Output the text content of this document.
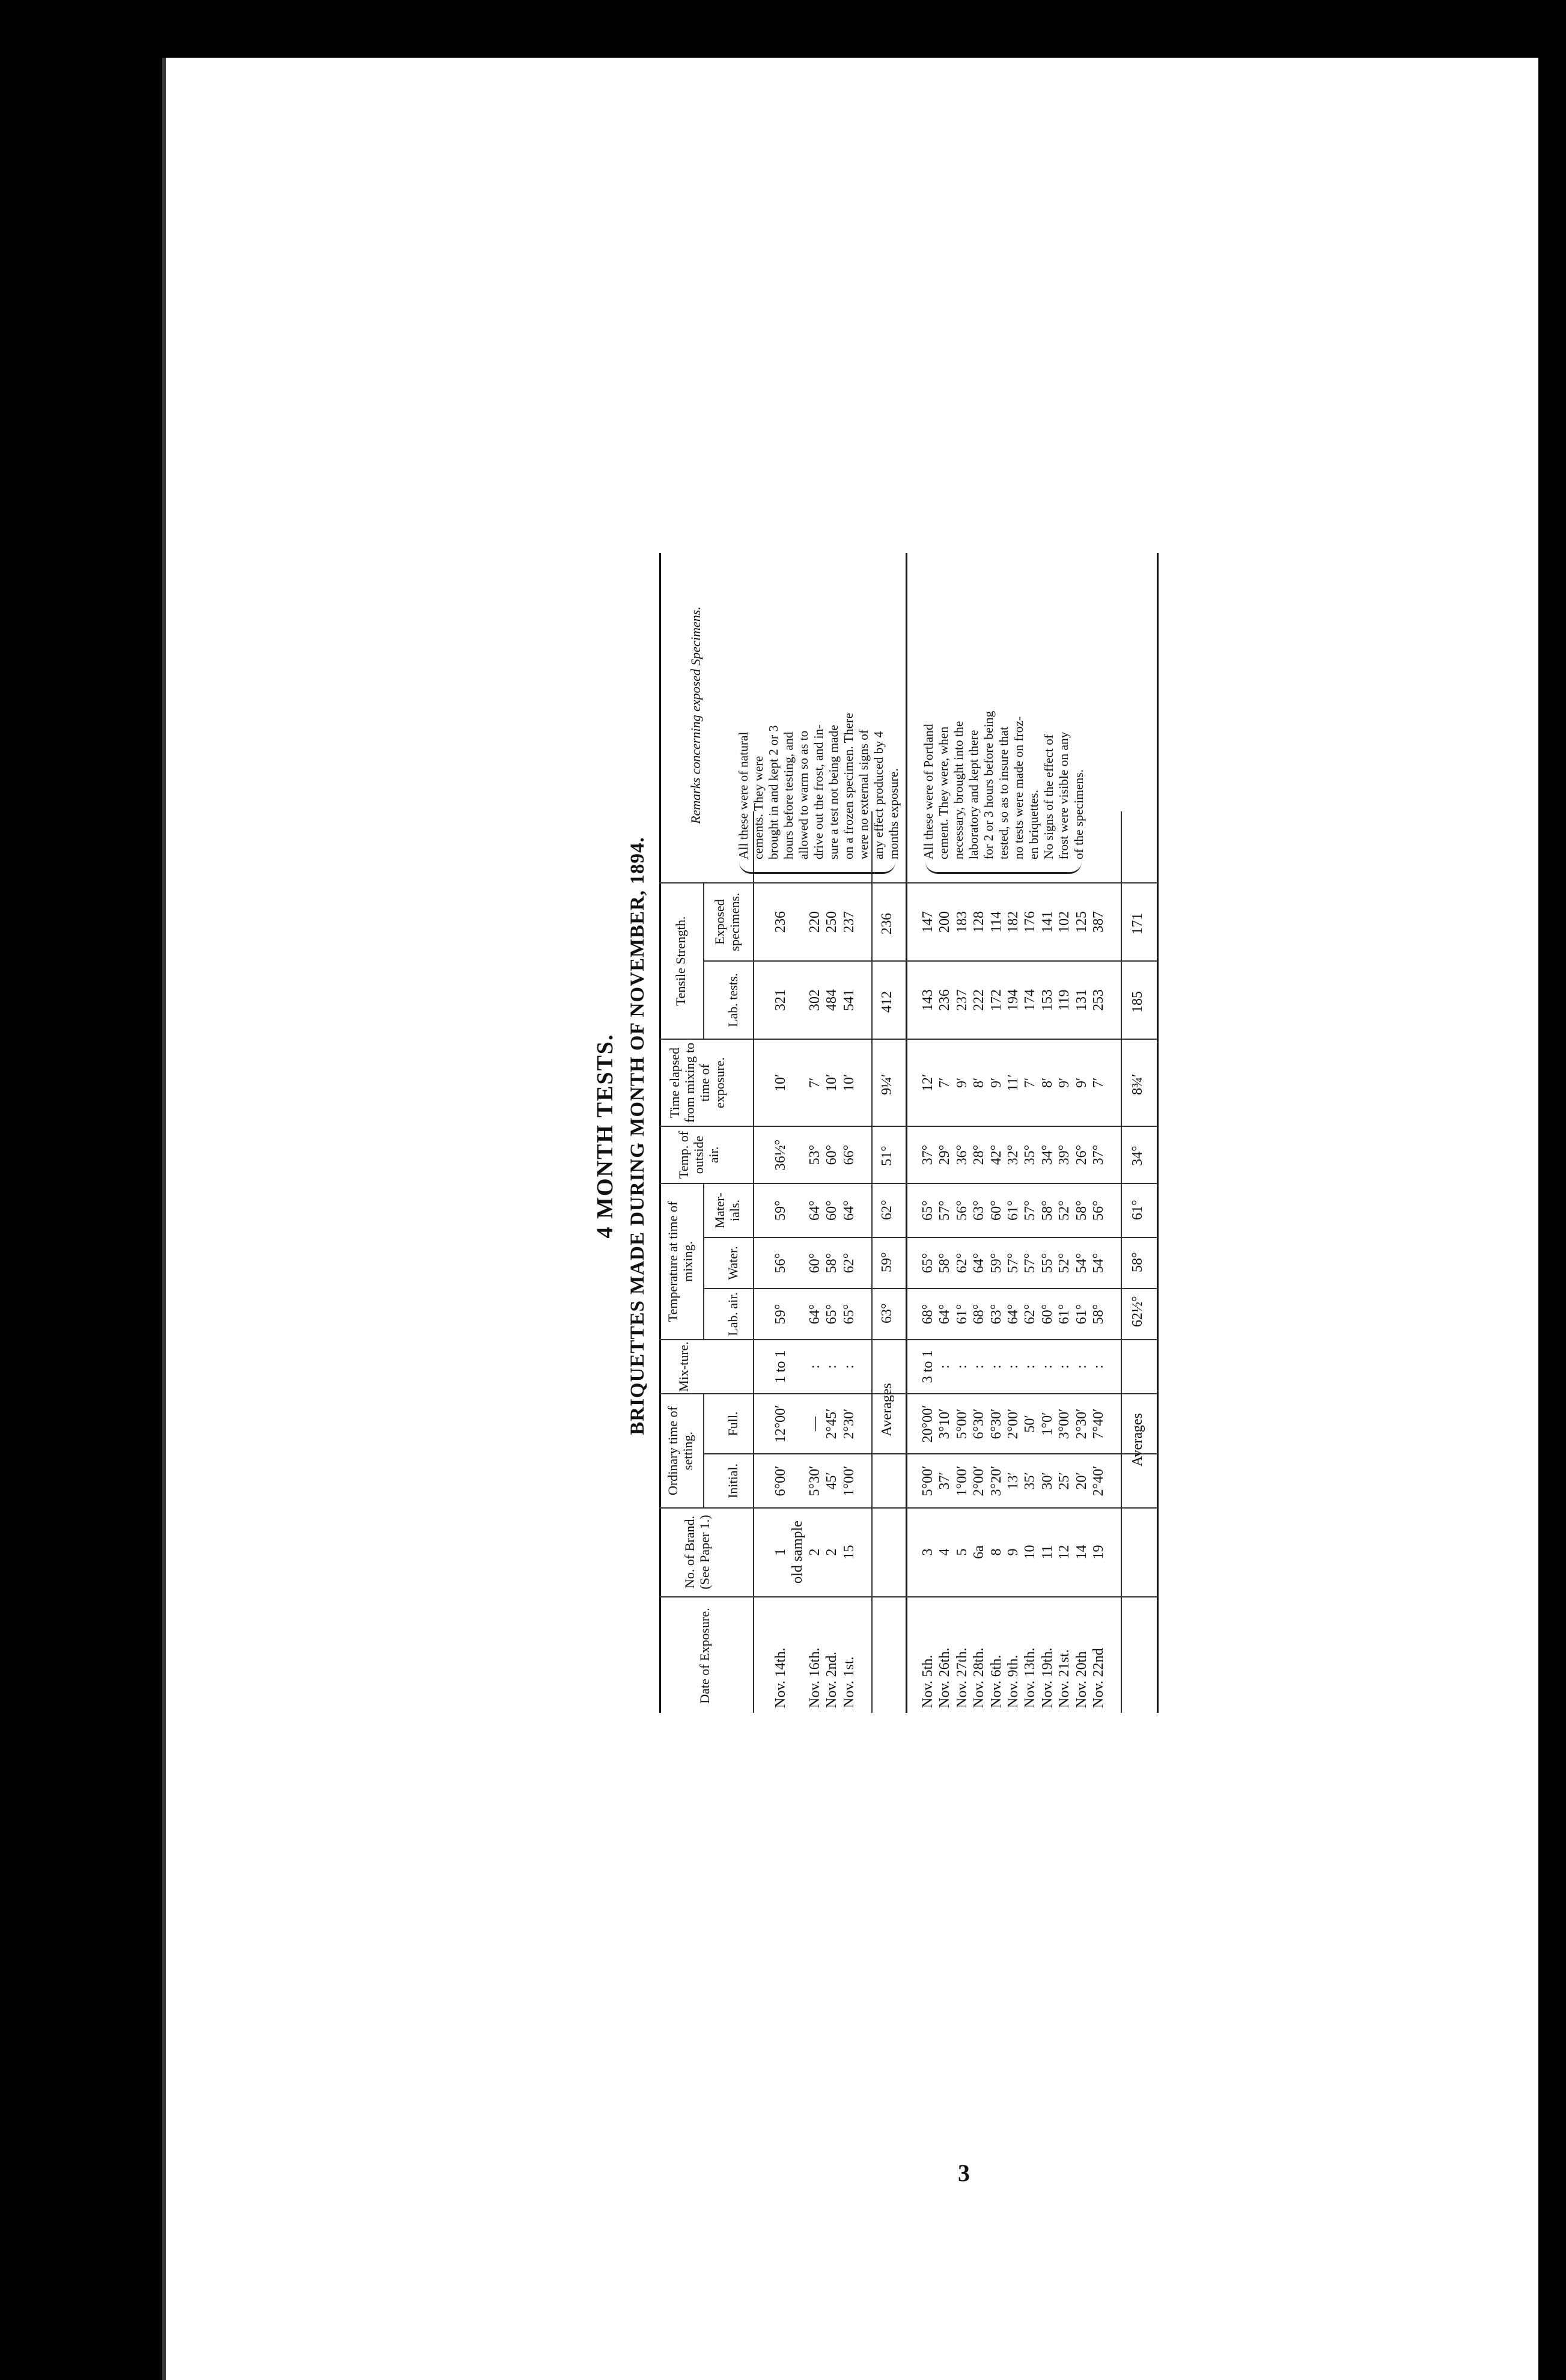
4 MONTH TESTS. BRIQUETTES MADE DURING MONTH OF NOVEMBER, 1894.
Date of Exposure.
No. of Brand. (See Paper 1.)
Ordinary time of setting.
Initial.
Full.
Mix-ture.
Temperature at time of mixing.
Lab. air.
Water.
Mater-ials.
Temp. of outside air.
Time elapsed from mixing to time of exposure.
Tensile Strength.	Lab. tests.
Exposed specimens.
Remarks concerning exposed Specimens.
Nov. 14th. Nov. 16th. Nov. 2nd. Nov. 1st.
1 old sample 2 2 15
6°00′ 5°30′ 45′ 1°00′
12°00′ — 2°45′ 2°30′
1 to 1 : : :
59° 64° 65° 65°
56° 60° 58° 62°
59° 64° 60° 64°
36½° 53° 60° 66°
10′ 7′ 10′ 10′
321 302 484 541
236 220 250 237
Averages
63°
59°
62°
51°
9¼′
412
236
All these were of natural cements. They were brought in and kept 2 or 3 hours before testing, and allowed to warm so as to drive out the frost, and in- sure a test not being made on a frozen specimen. There were no external signs of any effect produced by 4 months exposure.
Nov. 5th. Nov. 26th. Nov. 27th. Nov. 28th. Nov. 6th. Nov. 9th. Nov. 13th. Nov. 19th. Nov. 21st. Nov. 20th Nov. 22nd
3 4 5 6a 8 9 10 11 12 14 19
5°00′ 37′ 1°00′ 2°00′ 3°20′ 13′ 35′ 30′ 25′ 20′ 2°40′
20°00′ 3°10′ 5°00′ 6°30′ 6°30′ 2°00′ 50′ 1°0′ 3°00′ 2°30′ 7°40′
3 to 1 : : : : : : : : : :
68° 64° 61° 68° 63° 64° 62° 60° 61° 61° 58°
65° 58° 62° 64° 59° 57° 57° 55° 52° 54° 54°
65° 57° 56° 63° 60° 61° 57° 58° 52° 58° 56°
37° 29° 36° 28° 42° 32° 35° 34° 39° 26° 37°
12′ 7′ 9′ 8′ 9′ 11′ 7′ 8′ 9′ 9′ 7′
143 236 237 222 172 194 174 153 119 131 253
147 200 183 128 114 182 176 141 102 125 387
Averages
62½°
58°
61°
34°
8¾′
185
171
All these were of Portland cement. They were, when necessary, brought into the laboratory and kept there for 2 or 3 hours before being tested, so as to insure that no tests were made on froz- en briquettes. No signs of the effect of frost were visible on any of the specimens.
3
